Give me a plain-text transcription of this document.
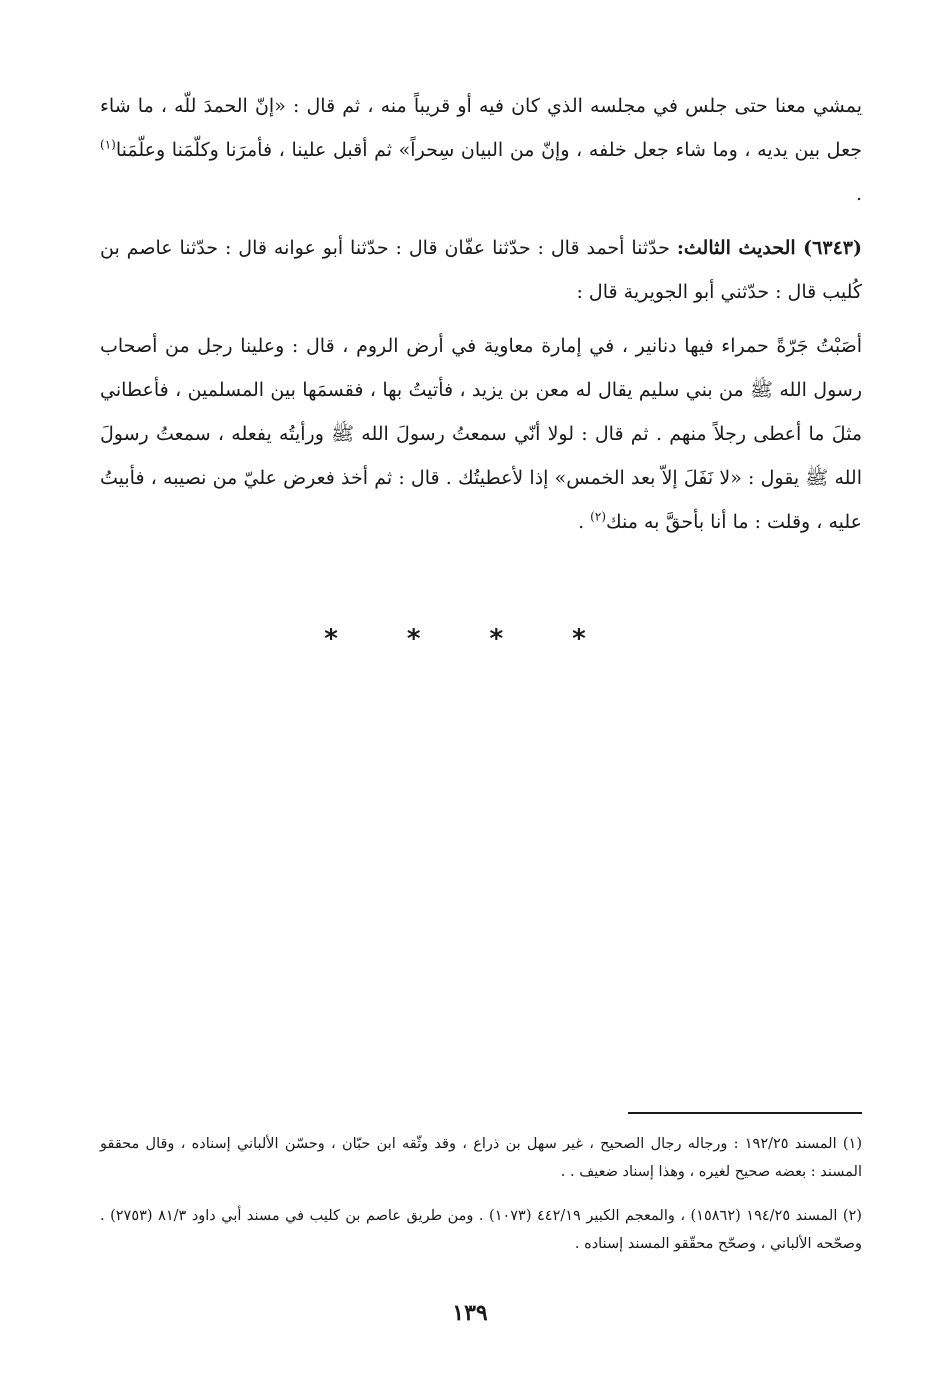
يمشي معنا حتى جلس في مجلسه الذي كان فيه أو قريباً منه ، ثم قال : «إنّ الحمدَ للّه ، ما شاء جعل بين يديه ، وما شاء جعل خلفه ، وإنّ من البيان سِحراً» ثم أقبل علينا ، فأمرَنا وكلّمَنا وعلّمَنا$^{(١)}$ .
(٦٣٤٣) الحديث الثالث: حدّثنا أحمد قال : حدّثنا عفّان قال : حدّثنا أبو عوانه قال : حدّثنا عاصم بن كُليب قال : حدّثني أبو الجويرية قال :
أصَبْتُ جَرّةً حمراء فيها دنانير ، في إمارة معاوية في أرض الروم ، قال : وعلينا رجل من أصحاب رسول الله ﷺ من بني سليم يقال له معن بن يزيد ، فأتيتُ بها ، فقسمَها بين المسلمين ، فأعطاني مثلَ ما أعطى رجلاً منهم . ثم قال : لولا أنّي سمعتُ رسولَ الله ﷺ ورأيتُه يفعله ، سمعتُ رسولَ الله ﷺ يقول : «لا نَفَلَ إلاّ بعد الخمس» إذا لأعطيتُك . قال : ثم أخذ فعرض عليّ من نصيبه ، فأبيتُ عليه ، وقلت : ما أنا بأحقَّ به منك$^{(٢)}$ .
* * * *
(١) المسند ١٩٢/٢٥ : ورجاله رجال الصحيح ، غير سهل بن ذراع ، وقد وثّقه ابن حبّان ، وحسّن الألباني إسناده ، وقال محققو المسند : بعضه صحيح لغيره ، وهذا إسناد ضعيف . .
(٢) المسند ١٩٤/٢٥ (١٥٨٦٢) ، والمعجم الكبير ٤٤٢/١٩ (١٠٧٣) . ومن طريق عاصم بن كليب في مسند أبي داود ٨١/٣ (٢٧٥٣) . وصحّحه الألباني ، وصحّح محقّقو المسند إسناده .
١٣٩
